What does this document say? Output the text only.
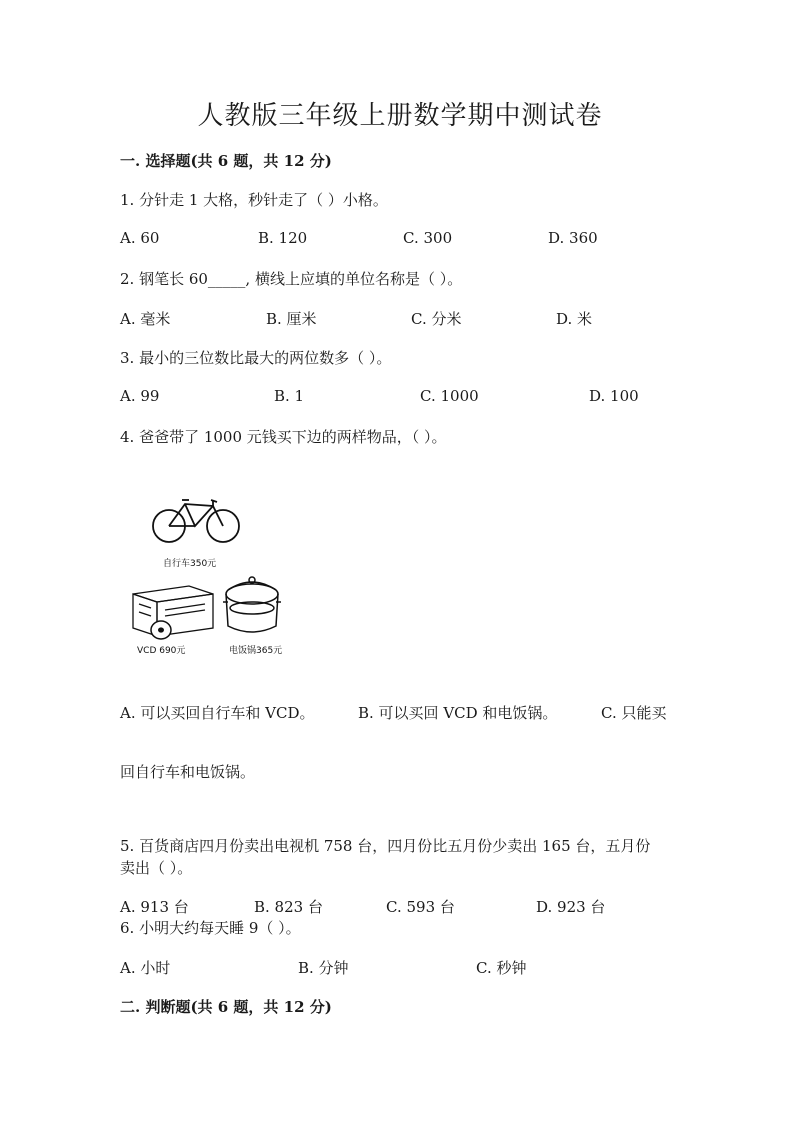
人教版三年级上册数学期中测试卷
一. 选择题(共 6 题，共 12 分)
1. 分针走 1 大格，秒针走了（ ）小格。
A. 60	B. 120	C. 300	D. 360
2. 钢笔长 60_____, 横线上应填的单位名称是（ ）。
A. 毫米	B. 厘米	C. 分米	D. 米
3. 最小的三位数比最大的两位数多（ ）。
A. 99	B. 1	C. 1000	D. 100
4. 爸爸带了 1000 元钱买下边的两样物品，（ ）。
自行车350元
VCD 690元	电饭锅365元
A. 可以买回自行车和 VCD。	B. 可以买回 VCD 和电饭锅。	C. 只能买
回自行车和电饭锅。
5. 百货商店四月份卖出电视机 758 台，四月份比五月份少卖出 165 台，五月份
卖出（ ）。
A. 913 台	B. 823 台	C. 593 台	D. 923 台
6. 小明大约每天睡 9（ ）。
A. 小时	B. 分钟	C. 秒钟
二. 判断题(共 6 题，共 12 分)
